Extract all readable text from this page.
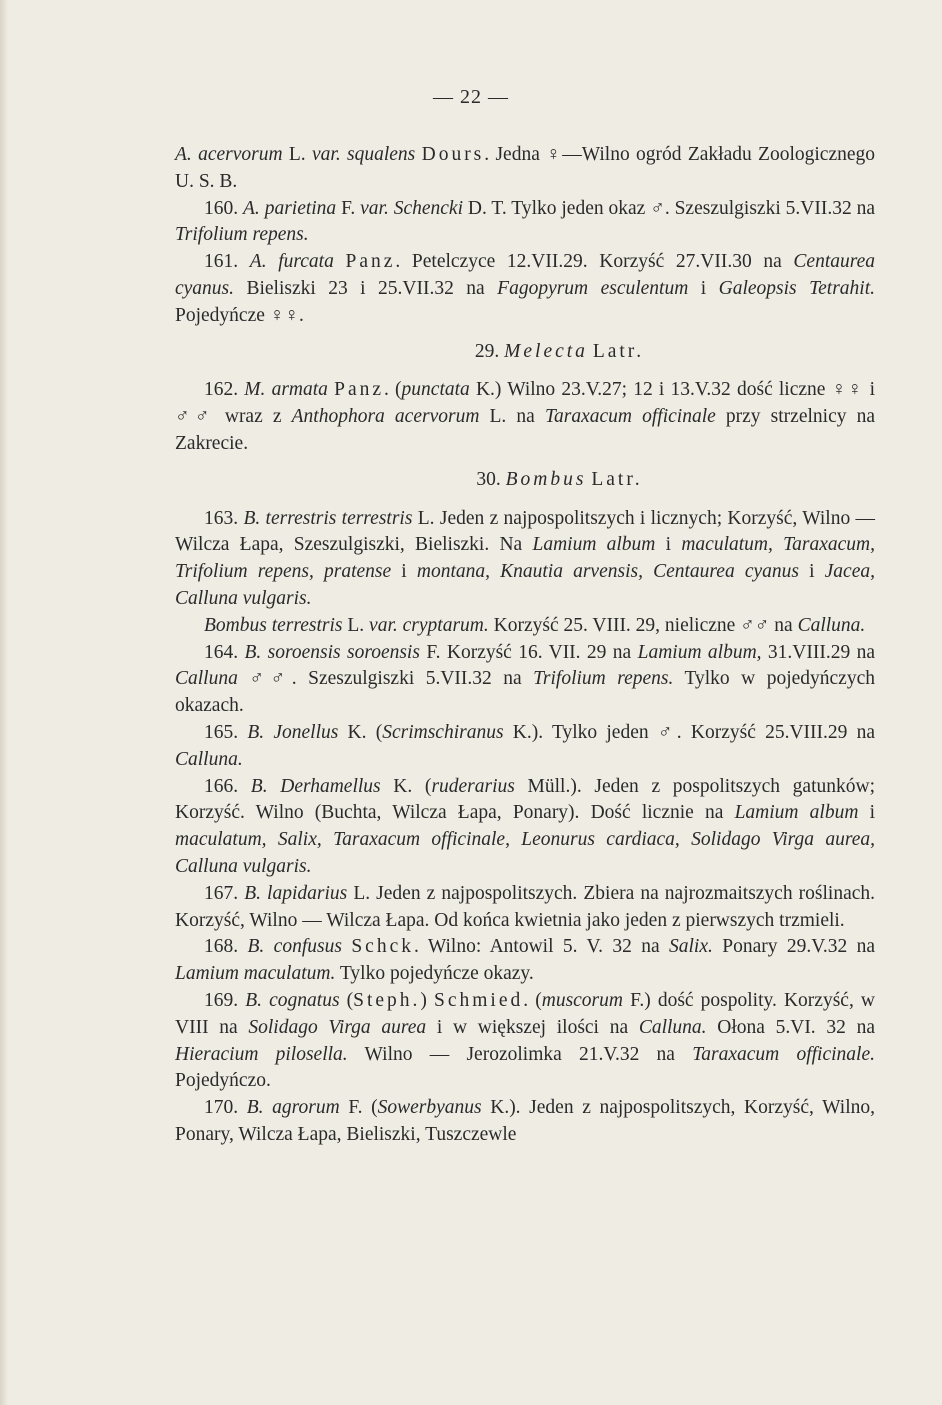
— 22 —

A. acervorum L. var. squalens Dours. Jedna ♀—Wilno ogród Zakładu Zoologicznego U. S. B.

160. A. parietina F. var. Schencki D. T. Tylko jeden okaz ♂. Szeszulgiszki 5.VII.32 na Trifolium repens.

161. A. furcata Panz. Petelczyce 12.VII.29. Korzyść 27.VII.30 na Centaurea cyanus. Bieliszki 23 i 25.VII.32 na Fagopyrum esculentum i Galeopsis Tetrahit. Pojedyńcze ♀♀.

29. Melecta Latr.

162. M. armata Panz. (punctata K.) Wilno 23.V.27; 12 i 13.V.32 dość liczne ♀♀ i ♂♂ wraz z Anthophora acervorum L. na Taraxacum officinale przy strzelnicy na Zakrecie.

30. Bombus Latr.

163. B. terrestris terrestris L. Jeden z najpospolitszych i licznych; Korzyść, Wilno — Wilcza Łapa, Szeszulgiszki, Bieliszki. Na Lamium album i maculatum, Taraxacum, Trifolium repens, pratense i montana, Knautia arvensis, Centaurea cyanus i Jacea, Calluna vulgaris.

Bombus terrestris L. var. cryptarum. Korzyść 25. VIII. 29, nieliczne ♂♂ na Calluna.

164. B. soroensis soroensis F. Korzyść 16. VII. 29 na Lamium album, 31.VIII.29 na Calluna ♂♂. Szeszulgiszki 5.VII.32 na Trifolium repens. Tylko w pojedyńczych okazach.

165. B. Jonellus K. (Scrimschiranus K.). Tylko jeden ♂. Korzyść 25.VIII.29 na Calluna.

166. B. Derhamellus K. (ruderarius Müll.). Jeden z pospolitszych gatunków; Korzyść. Wilno (Buchta, Wilcza Łapa, Ponary). Dość licznie na Lamium album i maculatum, Salix, Taraxacum officinale, Leonurus cardiaca, Solidago Virga aurea, Calluna vulgaris.

167. B. lapidarius L. Jeden z najpospolitszych. Zbiera na najrozmaitszych roślinach. Korzyść, Wilno — Wilcza Łapa. Od końca kwietnia jako jeden z pierwszych trzmieli.

168. B. confusus Schck. Wilno: Antowil 5. V. 32 na Salix. Ponary 29.V.32 na Lamium maculatum. Tylko pojedyńcze okazy.

169. B. cognatus (Steph.) Schmied. (muscorum F.) dość pospolity. Korzyść, w VIII na Solidago Virga aurea i w większej ilości na Calluna. Ołona 5.VI. 32 na Hieracium pilosella. Wilno — Jerozolimka 21.V.32 na Taraxacum officinale. Pojedyńczo.

170. B. agrorum F. (Sowerbyanus K.). Jeden z najpospolitszych, Korzyść, Wilno, Ponary, Wilcza Łapa, Bieliszki, Tuszczewle
